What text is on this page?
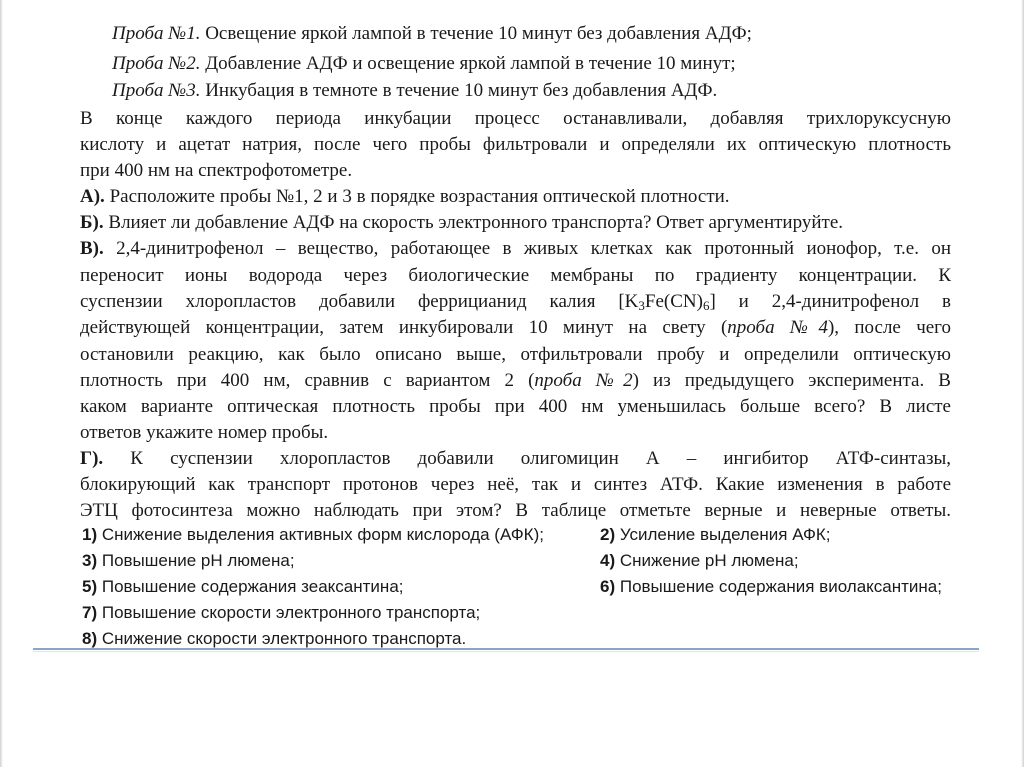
Проба №1. Освещение яркой лампой в течение 10 минут без добавления АДФ;
Проба №2. Добавление АДФ и освещение яркой лампой в течение 10 минут;
Проба №3. Инкубация в темноте в течение 10 минут без добавления АДФ.
В конце каждого периода инкубации процесс останавливали, добавляя трихлоруксусную
кислоту и ацетат натрия, после чего пробы фильтровали и определяли их оптическую плотность
при 400 нм на спектрофотометре.
А). Расположите пробы №1, 2 и 3 в порядке возрастания оптической плотности.
Б). Влияет ли добавление АДФ на скорость электронного транспорта? Ответ аргументируйте.
В). 2,4-динитрофенол – вещество, работающее в живых клетках как протонный ионофор, т.е. он
переносит ионы водорода через биологические мембраны по градиенту концентрации. К
суспензии хлоропластов добавили феррицианид калия $[K_3Fe(CN)_6]$ и 2,4-динитрофенол в
действующей концентрации, затем инкубировали 10 минут на свету (проба №4), после чего
остановили реакцию, как было описано выше, отфильтровали пробу и определили оптическую
плотность при 400 нм, сравнив с вариантом 2 (проба №2) из предыдущего эксперимента. В
каком варианте оптическая плотность пробы при 400 нм уменьшилась больше всего? В листе
ответов укажите номер пробы.
Г). К суспензии хлоропластов добавили олигомицин А – ингибитор АТФ-синтазы,
блокирующий как транспорт протонов через неё, так и синтез АТФ. Какие изменения в работе
ЭТЦ фотосинтеза можно наблюдать при этом? В таблице отметьте верные и неверные ответы.
1) Снижение выделения активных форм кислорода (АФК);	2) Усиление выделения АФК;
3) Повышение pH люмена;	4) Снижение pH люмена;
5) Повышение содержания зеаксантина;	6) Повышение содержания виолаксантина;
7) Повышение скорости электронного транспорта;
8) Снижение скорости электронного транспорта.
